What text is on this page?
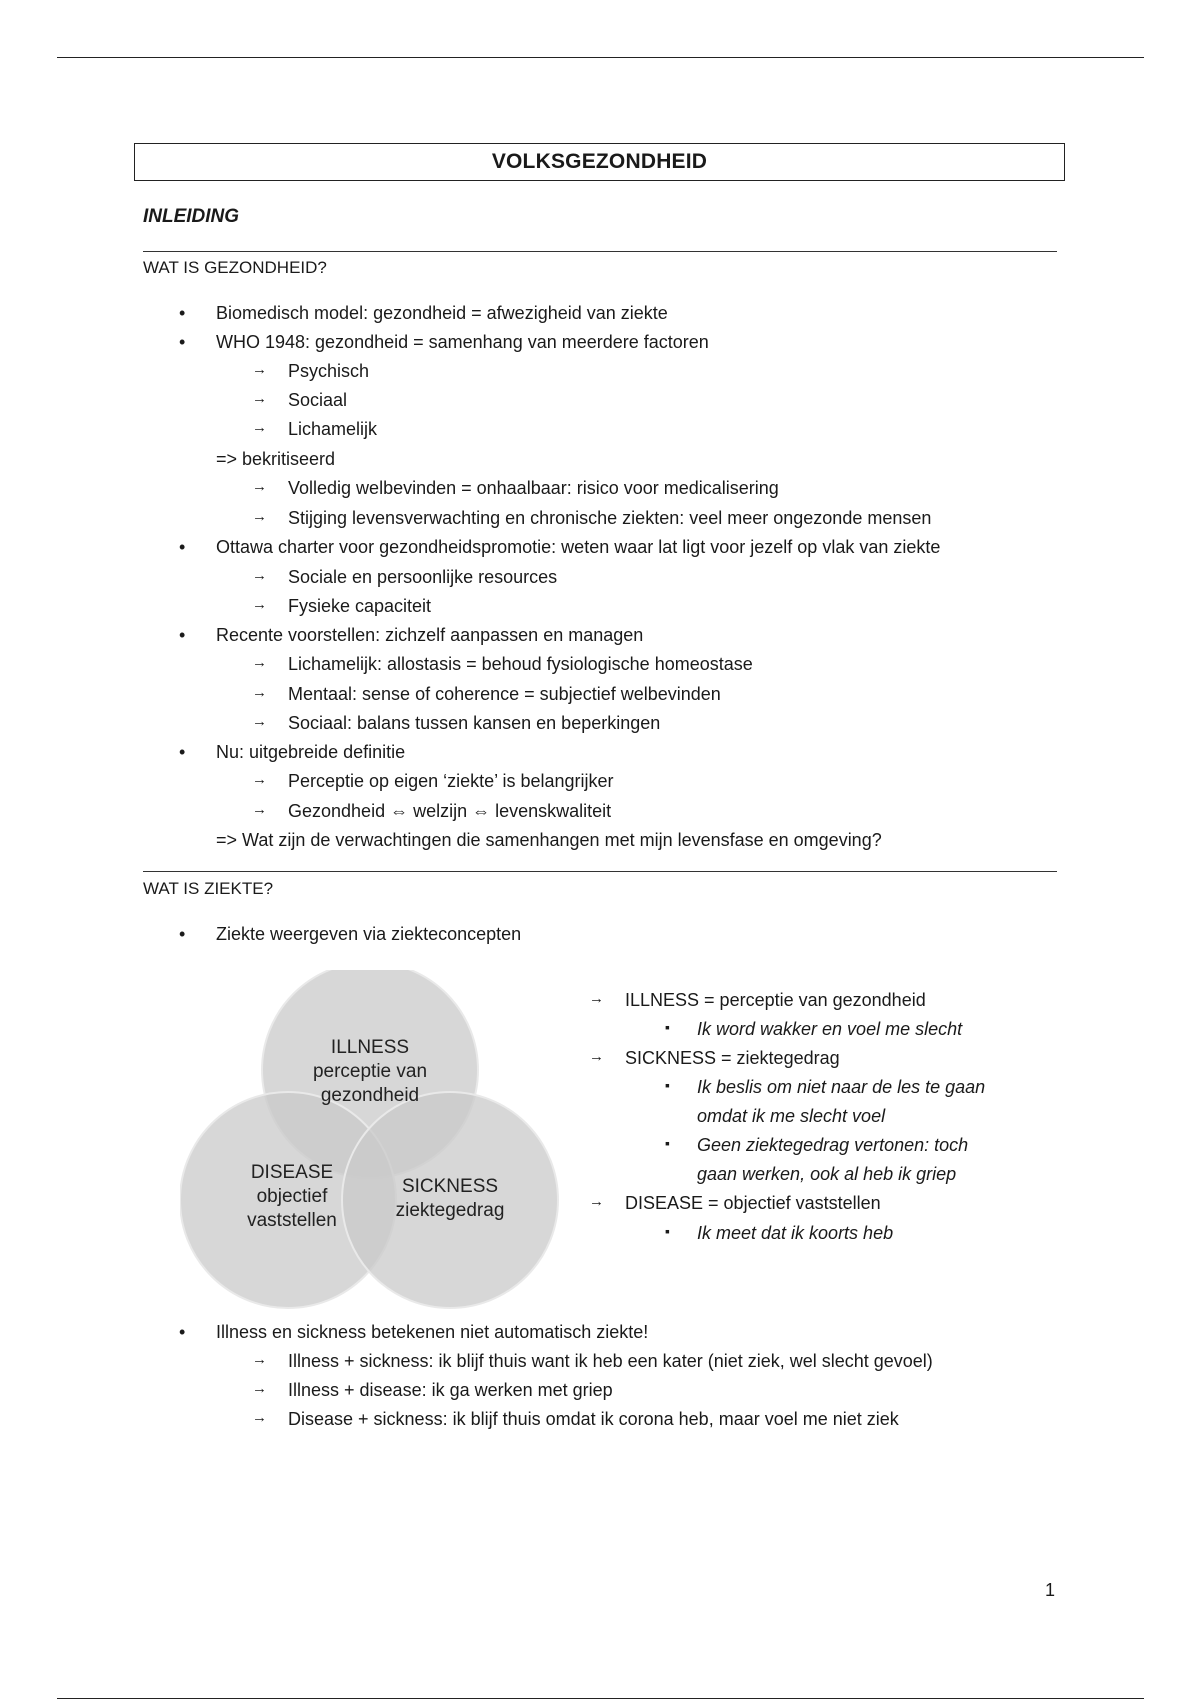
VOLKSGEZONDHEID
INLEIDING
WAT IS GEZONDHEID?
• Biomedisch model: gezondheid = afwezigheid van ziekte
• WHO 1948: gezondheid = samenhang van meerdere factoren
→ Psychisch
→ Sociaal
→ Lichamelijk
=> bekritiseerd
→ Volledig welbevinden = onhaalbaar: risico voor medicalisering
→ Stijging levensverwachting en chronische ziekten: veel meer ongezonde mensen
• Ottawa charter voor gezondheidspromotie: weten waar lat ligt voor jezelf op vlak van ziekte
→ Sociale en persoonlijke resources
→ Fysieke capaciteit
• Recente voorstellen: zichzelf aanpassen en managen
→ Lichamelijk: allostasis = behoud fysiologische homeostase
→ Mentaal: sense of coherence = subjectief welbevinden
→ Sociaal: balans tussen kansen en beperkingen
• Nu: uitgebreide definitie
→ Perceptie op eigen ‘ziekte’ is belangrijker
→ Gezondheid ⇔ welzijn ⇔ levenskwaliteit
=> Wat zijn de verwachtingen die samenhangen met mijn levensfase en omgeving?
WAT IS ZIEKTE?
• Ziekte weergeven via ziekteconcepten
ILLNESS
perceptie van
gezondheid
DISEASE
objectief
vaststellen
SICKNESS
ziektegedrag
→ ILLNESS = perceptie van gezondheid
▪ Ik word wakker en voel me slecht
→ SICKNESS = ziektegedrag
▪ Ik beslis om niet naar de les te gaan
omdat ik me slecht voel
▪ Geen ziektegedrag vertonen: toch
gaan werken, ook al heb ik griep
→ DISEASE = objectief vaststellen
▪ Ik meet dat ik koorts heb
• Illness en sickness betekenen niet automatisch ziekte!
→ Illness + sickness: ik blijf thuis want ik heb een kater (niet ziek, wel slecht gevoel)
→ Illness + disease: ik ga werken met griep
→ Disease + sickness: ik blijf thuis omdat ik corona heb, maar voel me niet ziek
1
